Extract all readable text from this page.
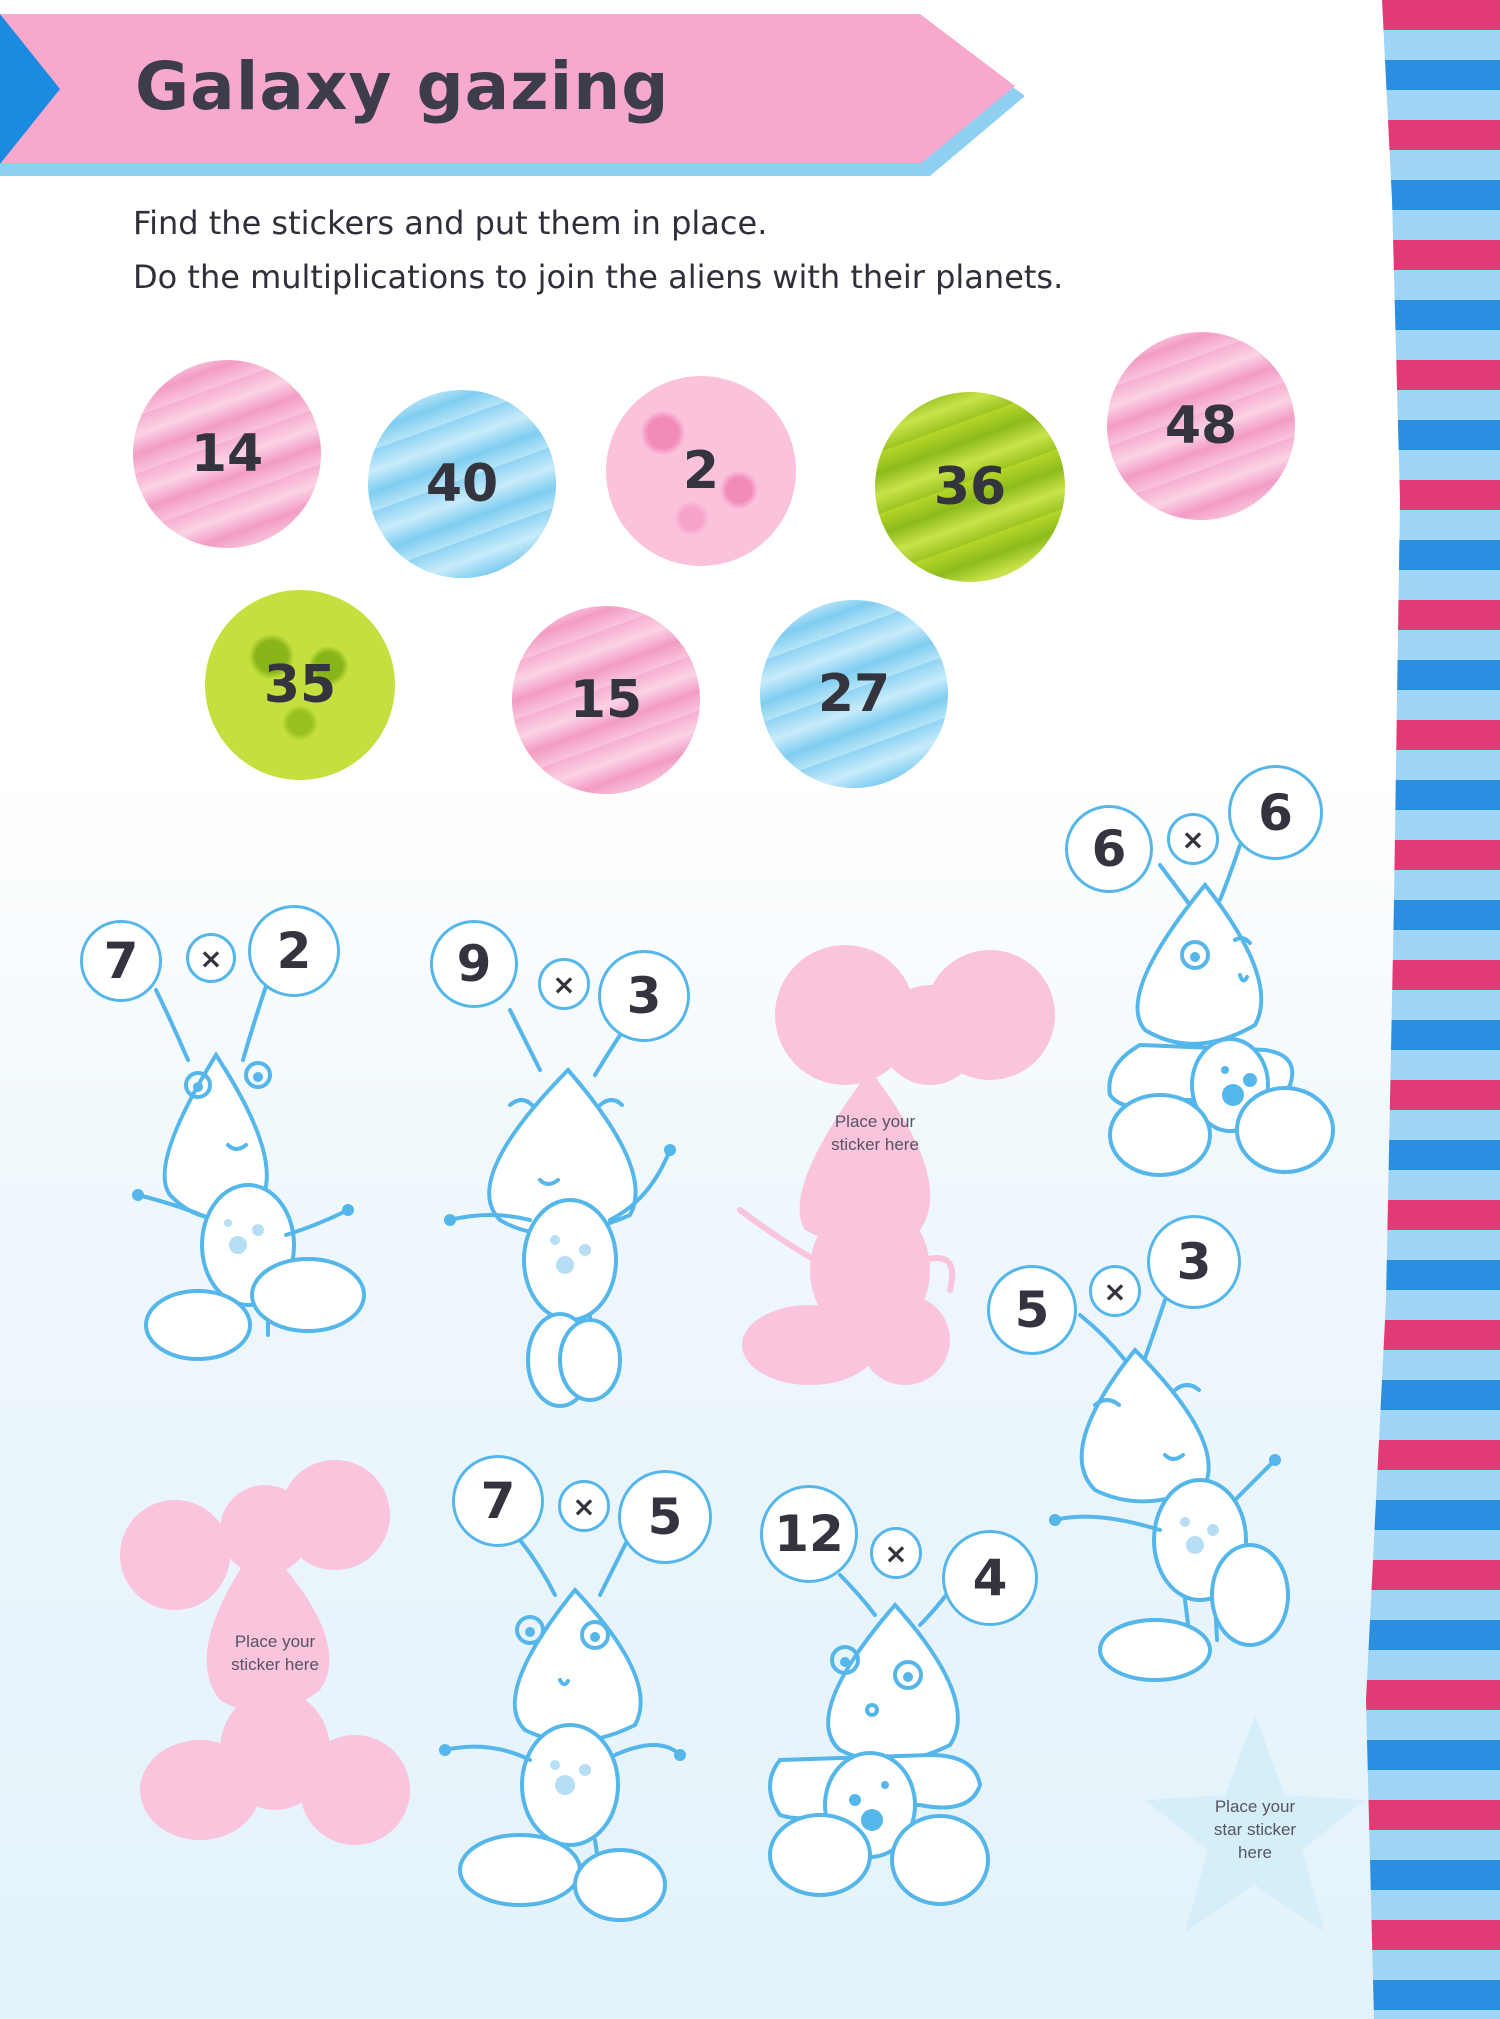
Galaxy gazing

Find the stickers and put them in place.

Do the multiplications to join the aliens with their planets.

14	40	2	36
48
35	15	27
7 × 2	9 × 3
Place your
sticker here
6 × 6
5 × 3
Place your
sticker here
7 × 5 12 × 4
Place your
star sticker
here
